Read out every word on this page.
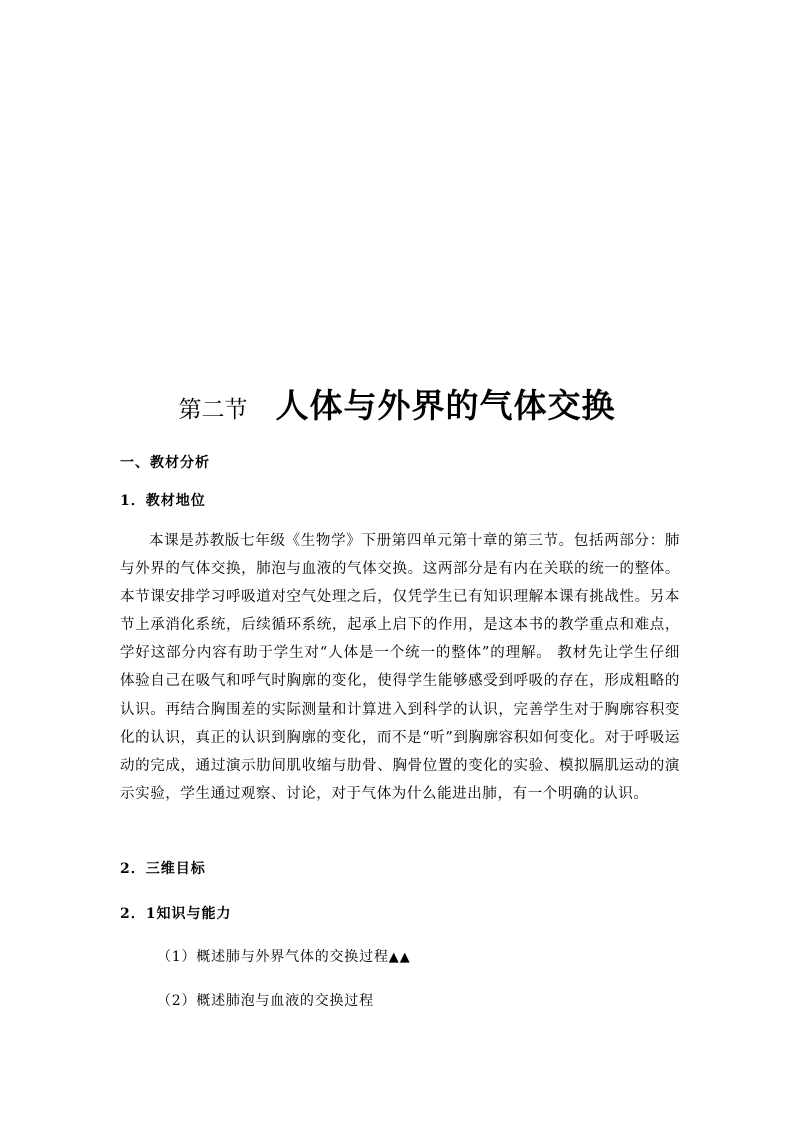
第二节 人体与外界的气体交换
一、教材分析
1．教材地位

本课是苏教版七年级《生物学》下册第四单元第十章的第三节。包括两部分：肺与外界的气体交换，肺泡与血液的气体交换。这两部分是有内在关联的统一的整体。本节课安排学习呼吸道对空气处理之后，仅凭学生已有知识理解本课有挑战性。另本节上承消化系统，后续循环系统，起承上启下的作用，是这本书的教学重点和难点，学好这部分内容有助于学生对“人体是一个统一的整体”的理解。 教材先让学生仔细体验自己在吸气和呼气时胸廓的变化，使得学生能够感受到呼吸的存在，形成粗略的认识。再结合胸围差的实际测量和计算进入到科学的认识，完善学生对于胸廓容积变化的认识，真正的认识到胸廓的变化，而不是“听”到胸廓容积如何变化。对于呼吸运动的完成，通过演示肋间肌收缩与肋骨、胸骨位置的变化的实验、模拟膈肌运动的演示实验，学生通过观察、讨论，对于气体为什么能进出肺，有一个明确的认识。

2．三维目标
2．1知识与能力
（1）概述肺与外界气体的交换过程▲▲
（2）概述肺泡与血液的交换过程
